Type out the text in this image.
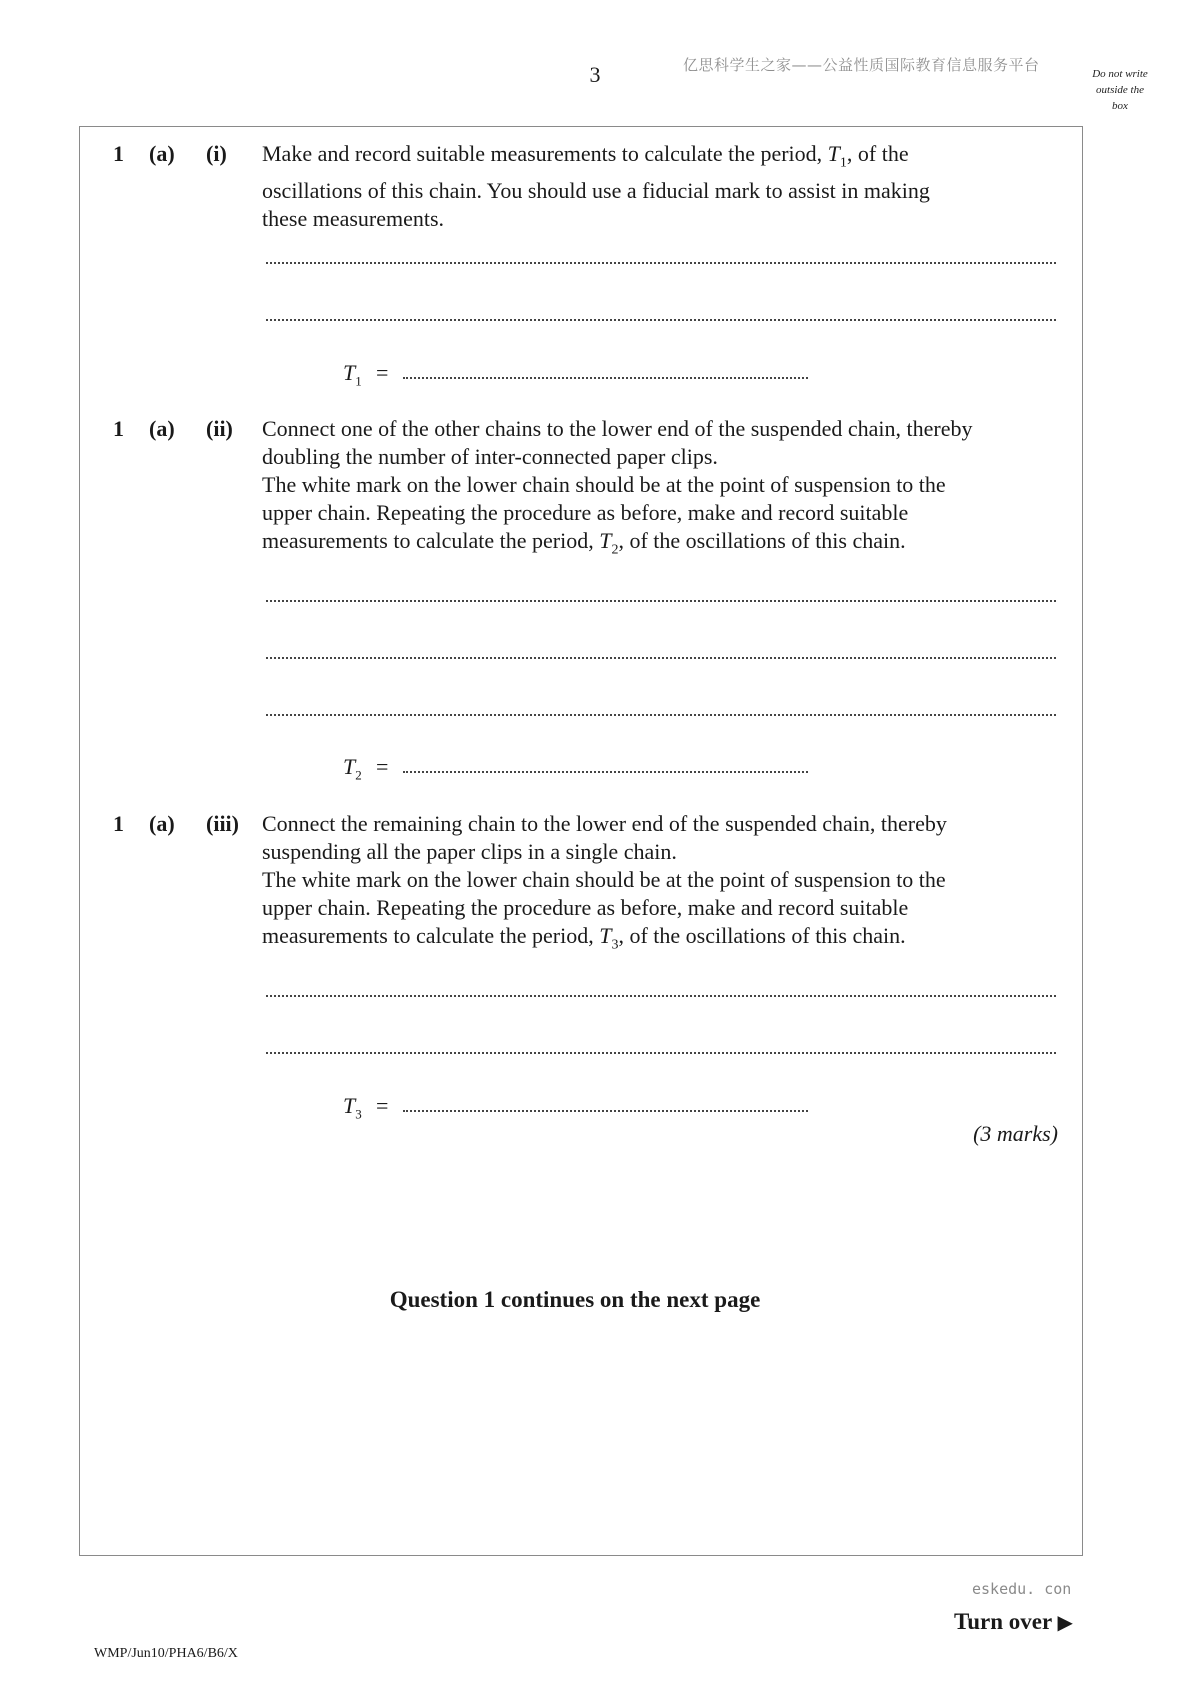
3	亿思科学生之家——公益性质国际教育信息服务平台	Do not write
outside the
box
1 (a) (i) Make and record suitable measurements to calculate the period, $T_1$, of the

oscillations of this chain. You should use a fiducial mark to assist in making

these measurements.

$T_1$ =
1 (a) (ii) Connect one of the other chains to the lower end of the suspended chain, thereby

doubling the number of inter-connected paper clips.

The white mark on the lower chain should be at the point of suspension to the

upper chain. Repeating the procedure as before, make and record suitable

measurements to calculate the period, $T_2$, of the oscillations of this chain.

$T_2$ =
1 (a) (iii) Connect the remaining chain to the lower end of the suspended chain, thereby

suspending all the paper clips in a single chain.

The white mark on the lower chain should be at the point of suspension to the

upper chain. Repeating the procedure as before, make and record suitable

measurements to calculate the period, $T_3$, of the oscillations of this chain.

$T_3$ =
(3 marks)
Question 1 continues on the next page
eskedu. con
Turn over ▶
WMP/Jun10/PHA6/B6/X
